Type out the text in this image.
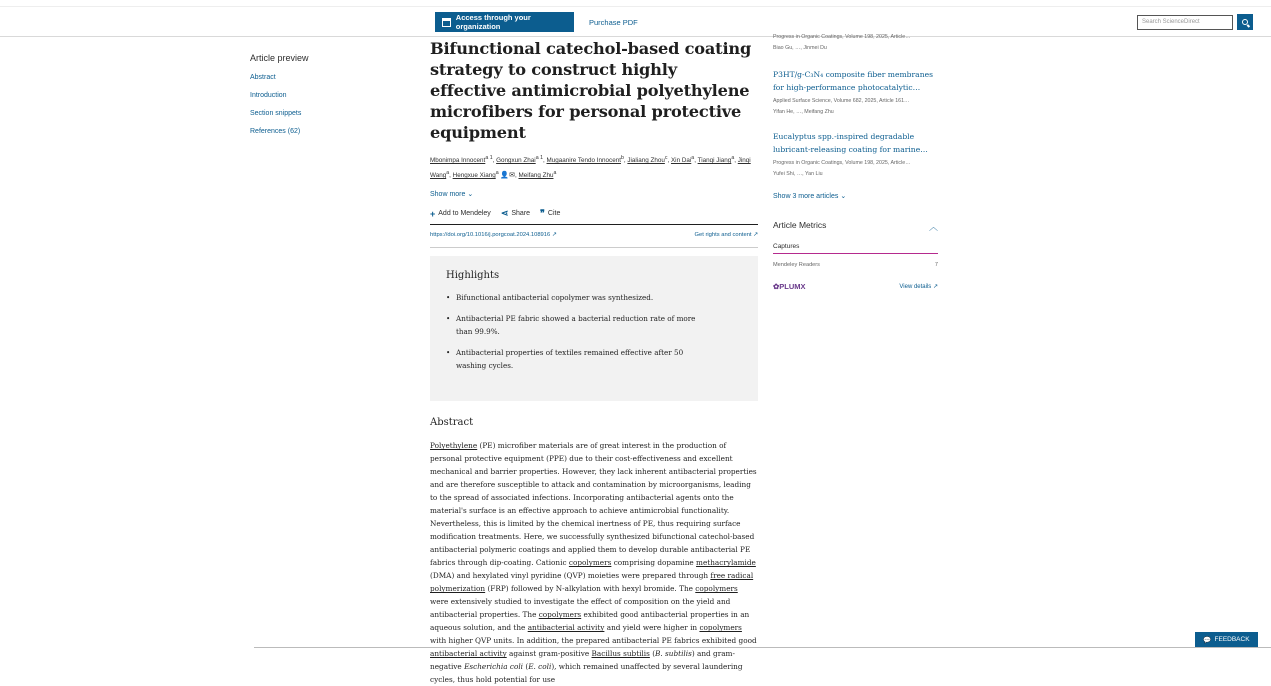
Access through your organization	Purchase PDF	Search ScienceDirect
Article preview
Abstract
Introduction
Section snippets
References (62)
Bifunctional catechol-based coating strategy to construct highly effective antimicrobial polyethylene microfibers for personal protective equipment
Mbonimpa Innocent$^{a 1}$, Gongxun Zhai$^{a 1}$, Mugaanire Tendo Innocent$^b$, Jialiang Zhou$^c$, Xin Dai$^a$, Tianqi Jiang$^a$, Jinqi Wang$^a$, Hengxue Xiang$^a$ 👤✉, Meifang Zhu$^a$
Show more ⌄
+ Add to Mendeley ⋖ Share ❞ Cite
https://doi.org/10.1016/j.porgcoat.2024.108916 ↗	Get rights and content ↗
Highlights
• Bifunctional antibacterial copolymer was synthesized.
• Antibacterial PE fabric showed a bacterial reduction rate of more than 99.9%.
• Antibacterial properties of textiles remained effective after 50 washing cycles.
Abstract

Polyethylene (PE) microfiber materials are of great interest in the production of personal protective equipment (PPE) due to their cost-effectiveness and excellent mechanical and barrier properties. However, they lack inherent antibacterial properties and are therefore susceptible to attack and contamination by microorganisms, leading to the spread of associated infections. Incorporating antibacterial agents onto the material's surface is an effective approach to achieve antimicrobial functionality. Nevertheless, this is limited by the chemical inertness of PE, thus requiring surface modification treatments. Here, we successfully synthesized bifunctional catechol-based antibacterial polymeric coatings and applied them to develop durable antibacterial PE fabrics through dip-coating. Cationic copolymers comprising dopamine methacrylamide (DMA) and hexylated vinyl pyridine (QVP) moieties were prepared through free radical polymerization (FRP) followed by N-alkylation with hexyl bromide. The copolymers were extensively studied to investigate the effect of composition on the yield and antibacterial properties. The copolymers exhibited good antibacterial properties in an aqueous solution, and the antibacterial activity and yield were higher in copolymers with higher QVP units. In addition, the prepared antibacterial PE fabrics exhibited good antibacterial activity against gram-positive Bacillus subtilis (B. subtilis) and gram-negative Escherichia coli (E. coli), which remained unaffected by several laundering cycles, thus hold potential for use

Progress in Organic Coatings, Volume 198, 2025, Article…
Biao Gu, …, Jinmei Du
P3HT/g-C₃N₄ composite fiber membranes for high-performance photocatalytic…
Applied Surface Science, Volume 682, 2025, Article 161…
Yifan He, …, Meifang Zhu
Eucalyptus spp.-inspired degradable lubricant-releasing coating for marine…
Progress in Organic Coatings, Volume 198, 2025, Article…
Yufei Shi, …, Yan Liu
Show 3 more articles ⌄
Article Metrics	︿
Captures
Mendeley Readers	7
✿PLUMX	View details ↗
💬 FEEDBACK
